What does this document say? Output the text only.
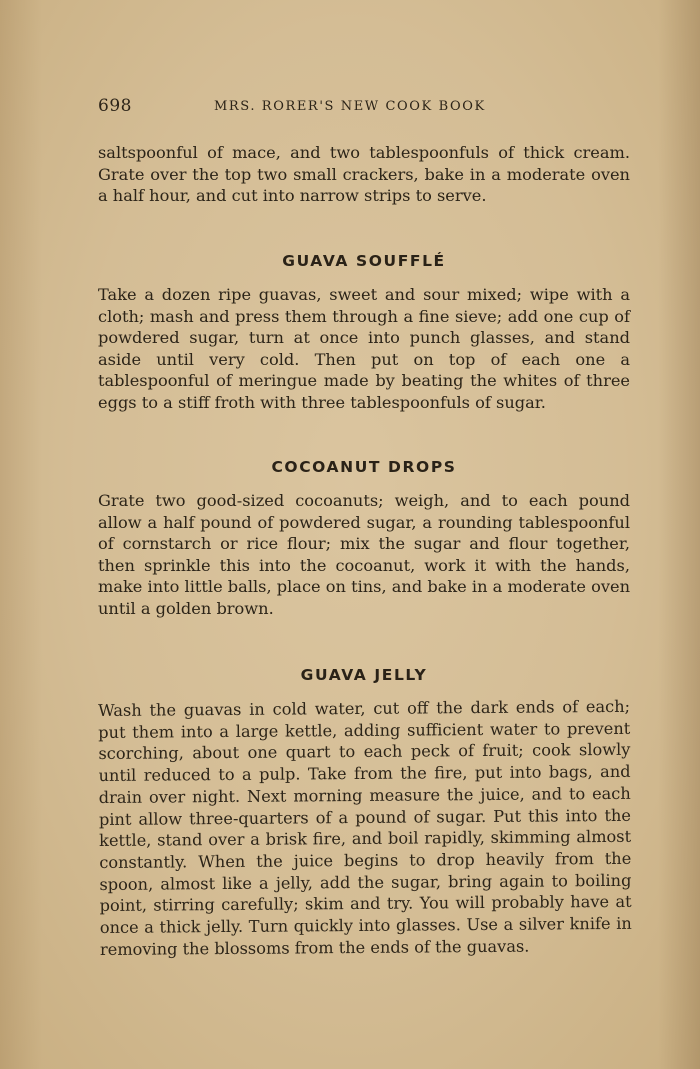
698	MRS. RORER'S NEW COOK BOOK

saltspoonful of mace, and two tablespoonfuls of thick cream. Grate over the top two small crackers, bake in a moderate oven a half hour, and cut into narrow strips to serve.

GUAVA SOUFFLÉ

Take a dozen ripe guavas, sweet and sour mixed; wipe with a cloth; mash and press them through a fine sieve; add one cup of powdered sugar, turn at once into punch glasses, and stand aside until very cold. Then put on top of each one a tablespoonful of meringue made by beating the whites of three eggs to a stiff froth with three tablespoonfuls of sugar.

COCOANUT DROPS

Grate two good-sized cocoanuts; weigh, and to each pound allow a half pound of powdered sugar, a rounding tablespoonful of cornstarch or rice flour; mix the sugar and flour together, then sprinkle this into the cocoanut, work it with the hands, make into little balls, place on tins, and bake in a moderate oven until a golden brown.

GUAVA JELLY

Wash the guavas in cold water, cut off the dark ends of each; put them into a large kettle, adding sufficient water to prevent scorching, about one quart to each peck of fruit; cook slowly until reduced to a pulp. Take from the fire, put into bags, and drain over night. Next morning measure the juice, and to each pint allow three-quarters of a pound of sugar. Put this into the kettle, stand over a brisk fire, and boil rapidly, skimming almost constantly. When the juice begins to drop heavily from the spoon, almost like a jelly, add the sugar, bring again to boiling point, stirring carefully; skim and try. You will probably have at once a thick jelly. Turn quickly into glasses. Use a silver knife in removing the blossoms from the ends of the guavas.
